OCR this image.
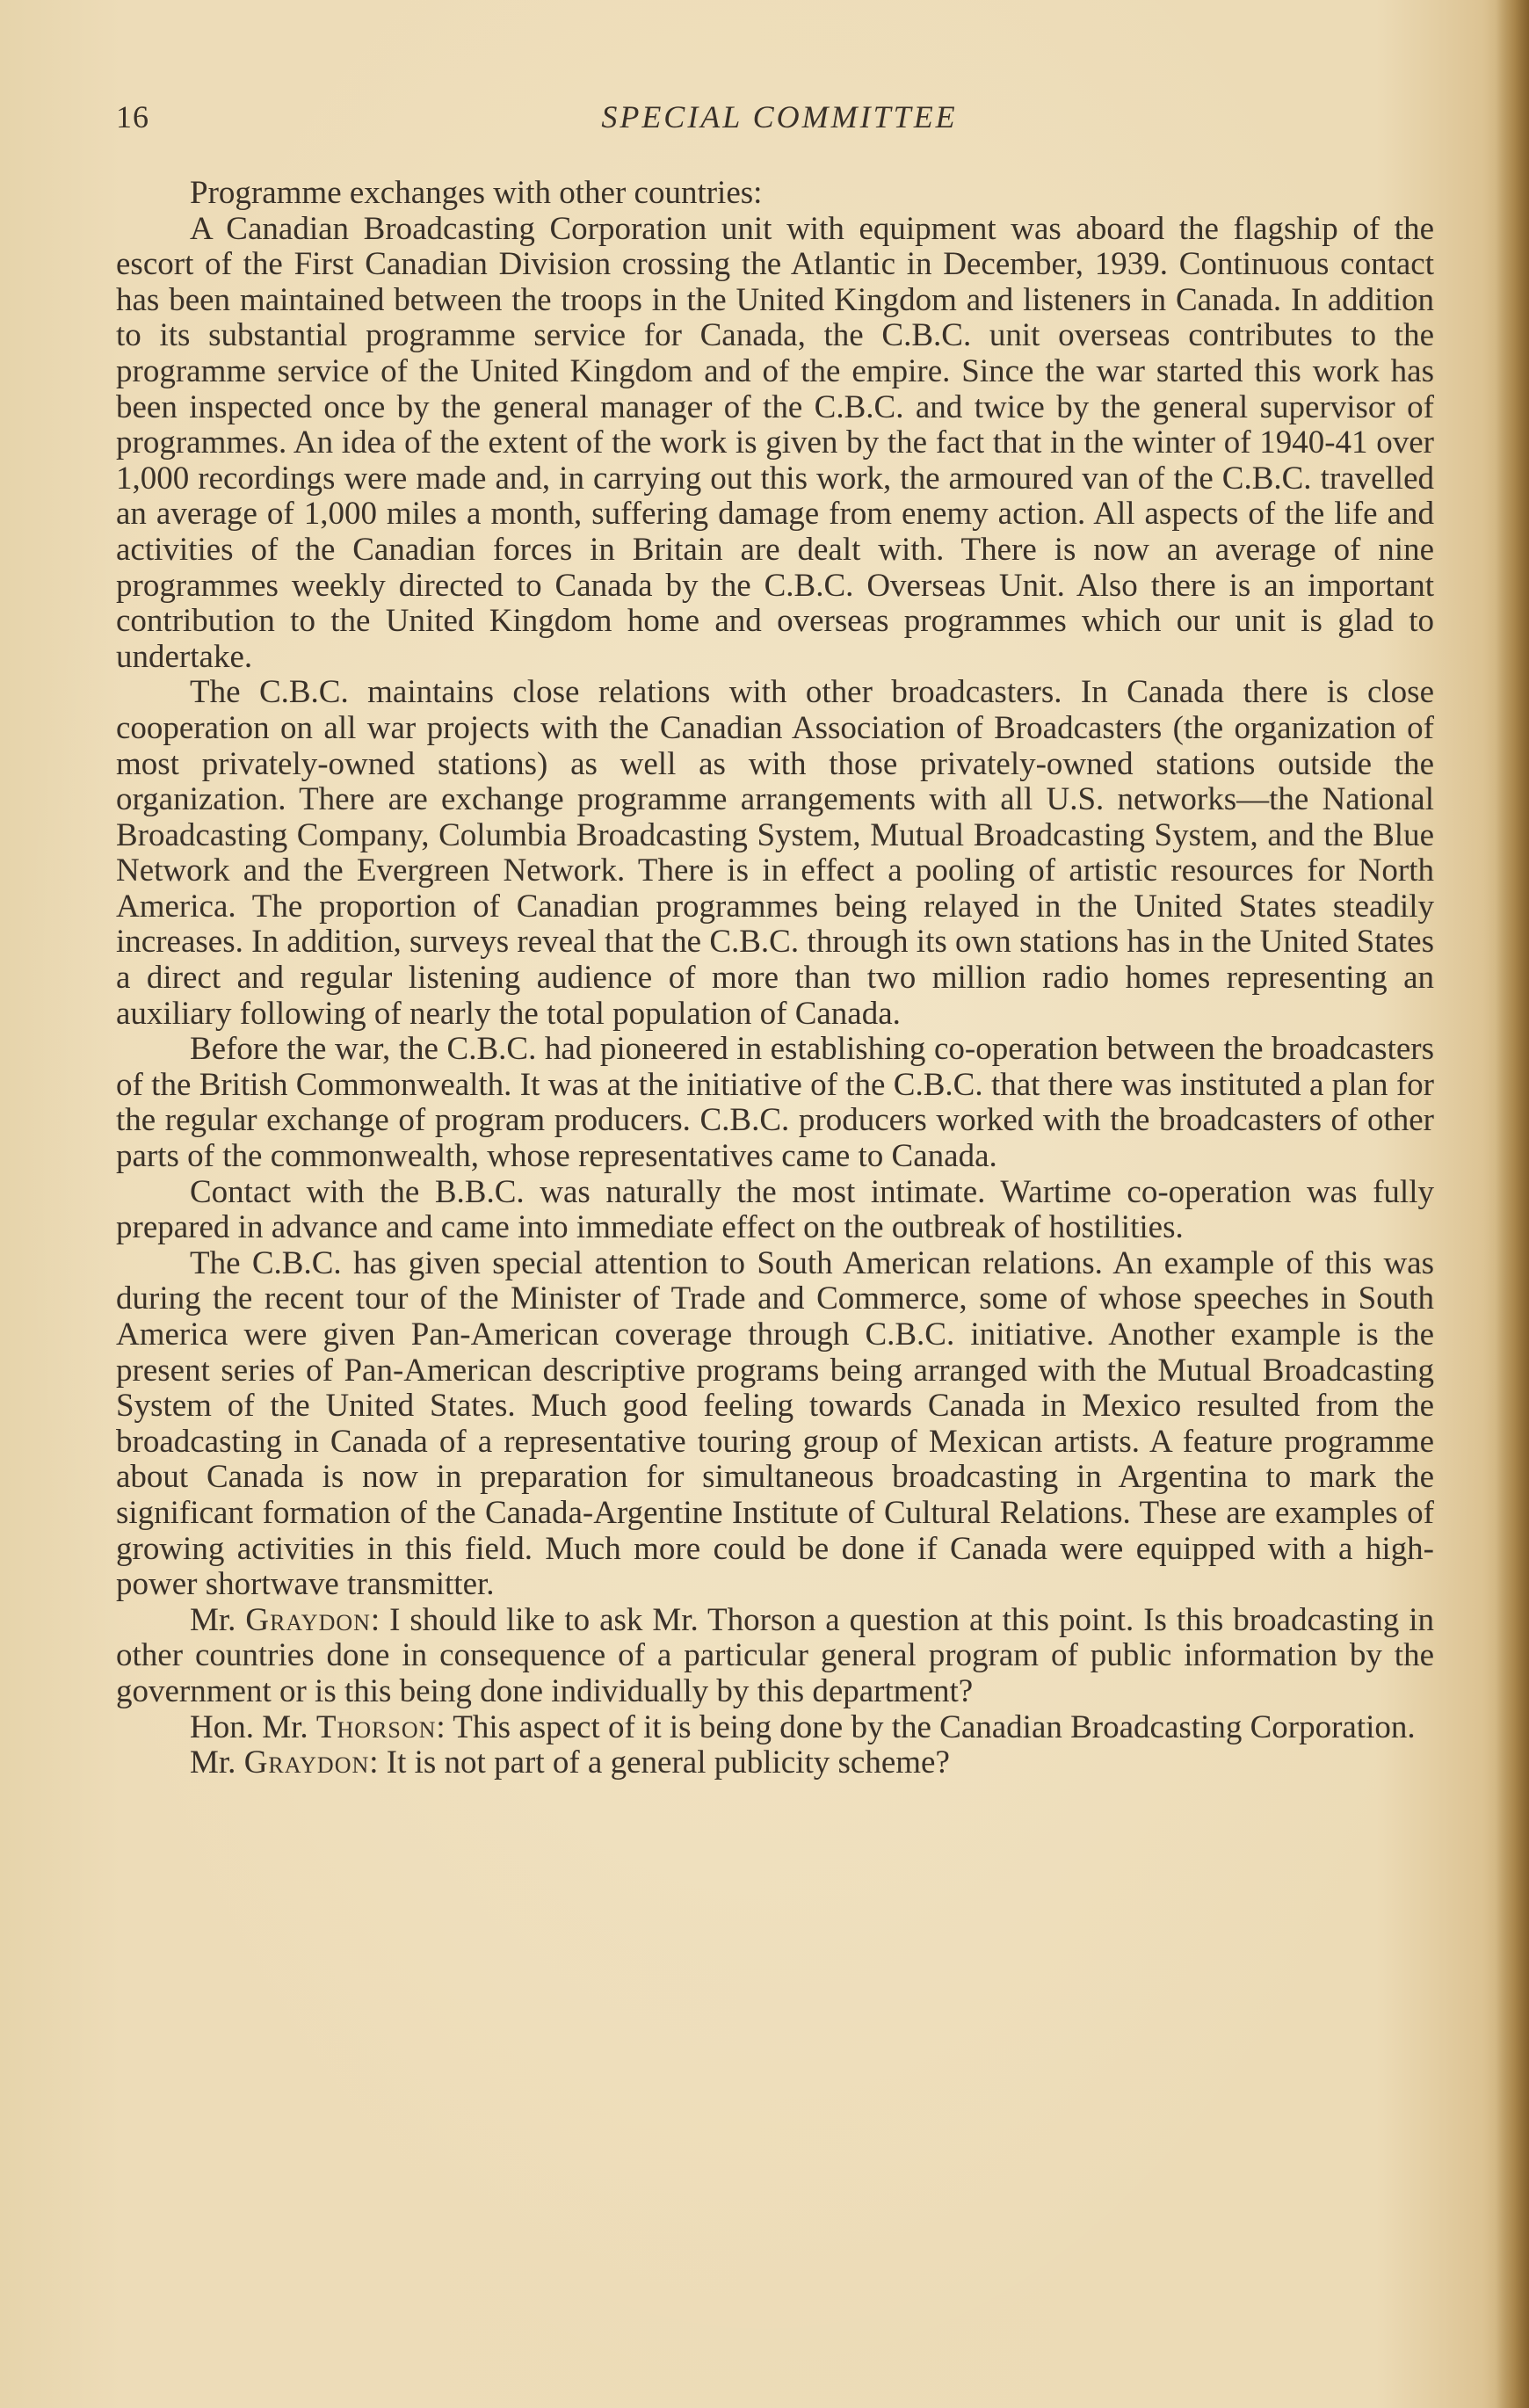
16	SPECIAL COMMITTEE

Programme exchanges with other countries:

A Canadian Broadcasting Corporation unit with equipment was aboard the flagship of the escort of the First Canadian Division crossing the Atlantic in December, 1939. Continuous contact has been maintained between the troops in the United Kingdom and listeners in Canada. In addition to its substantial programme service for Canada, the C.B.C. unit overseas contributes to the programme service of the United Kingdom and of the empire. Since the war started this work has been inspected once by the general manager of the C.B.C. and twice by the general supervisor of programmes. An idea of the extent of the work is given by the fact that in the winter of 1940-41 over 1,000 recordings were made and, in carrying out this work, the armoured van of the C.B.C. travelled an average of 1,000 miles a month, suffering damage from enemy action. All aspects of the life and activities of the Canadian forces in Britain are dealt with. There is now an average of nine programmes weekly directed to Canada by the C.B.C. Overseas Unit. Also there is an important contribution to the United Kingdom home and overseas programmes which our unit is glad to undertake.

The C.B.C. maintains close relations with other broadcasters. In Canada there is close cooperation on all war projects with the Canadian Association of Broadcasters (the organization of most privately-owned stations) as well as with those privately-owned stations outside the organization. There are exchange programme arrangements with all U.S. networks—the National Broadcasting Company, Columbia Broadcasting System, Mutual Broadcasting System, and the Blue Network and the Evergreen Network. There is in effect a pooling of artistic resources for North America. The proportion of Canadian programmes being relayed in the United States steadily increases. In addition, surveys reveal that the C.B.C. through its own stations has in the United States a direct and regular listening audience of more than two million radio homes representing an auxiliary following of nearly the total population of Canada.

Before the war, the C.B.C. had pioneered in establishing co-operation between the broadcasters of the British Commonwealth. It was at the initiative of the C.B.C. that there was instituted a plan for the regular exchange of program producers. C.B.C. producers worked with the broadcasters of other parts of the commonwealth, whose representatives came to Canada.

Contact with the B.B.C. was naturally the most intimate. Wartime co-operation was fully prepared in advance and came into immediate effect on the outbreak of hostilities.

The C.B.C. has given special attention to South American relations. An example of this was during the recent tour of the Minister of Trade and Commerce, some of whose speeches in South America were given Pan-American coverage through C.B.C. initiative. Another example is the present series of Pan-American descriptive programs being arranged with the Mutual Broadcasting System of the United States. Much good feeling towards Canada in Mexico resulted from the broadcasting in Canada of a representative touring group of Mexican artists. A feature programme about Canada is now in preparation for simultaneous broadcasting in Argentina to mark the significant formation of the Canada-Argentine Institute of Cultural Relations. These are examples of growing activities in this field. Much more could be done if Canada were equipped with a high-power shortwave transmitter.

Mr. Graydon: I should like to ask Mr. Thorson a question at this point. Is this broadcasting in other countries done in consequence of a particular general program of public information by the government or is this being done individually by this department?

Hon. Mr. Thorson: This aspect of it is being done by the Canadian Broadcasting Corporation.

Mr. Graydon: It is not part of a general publicity scheme?
